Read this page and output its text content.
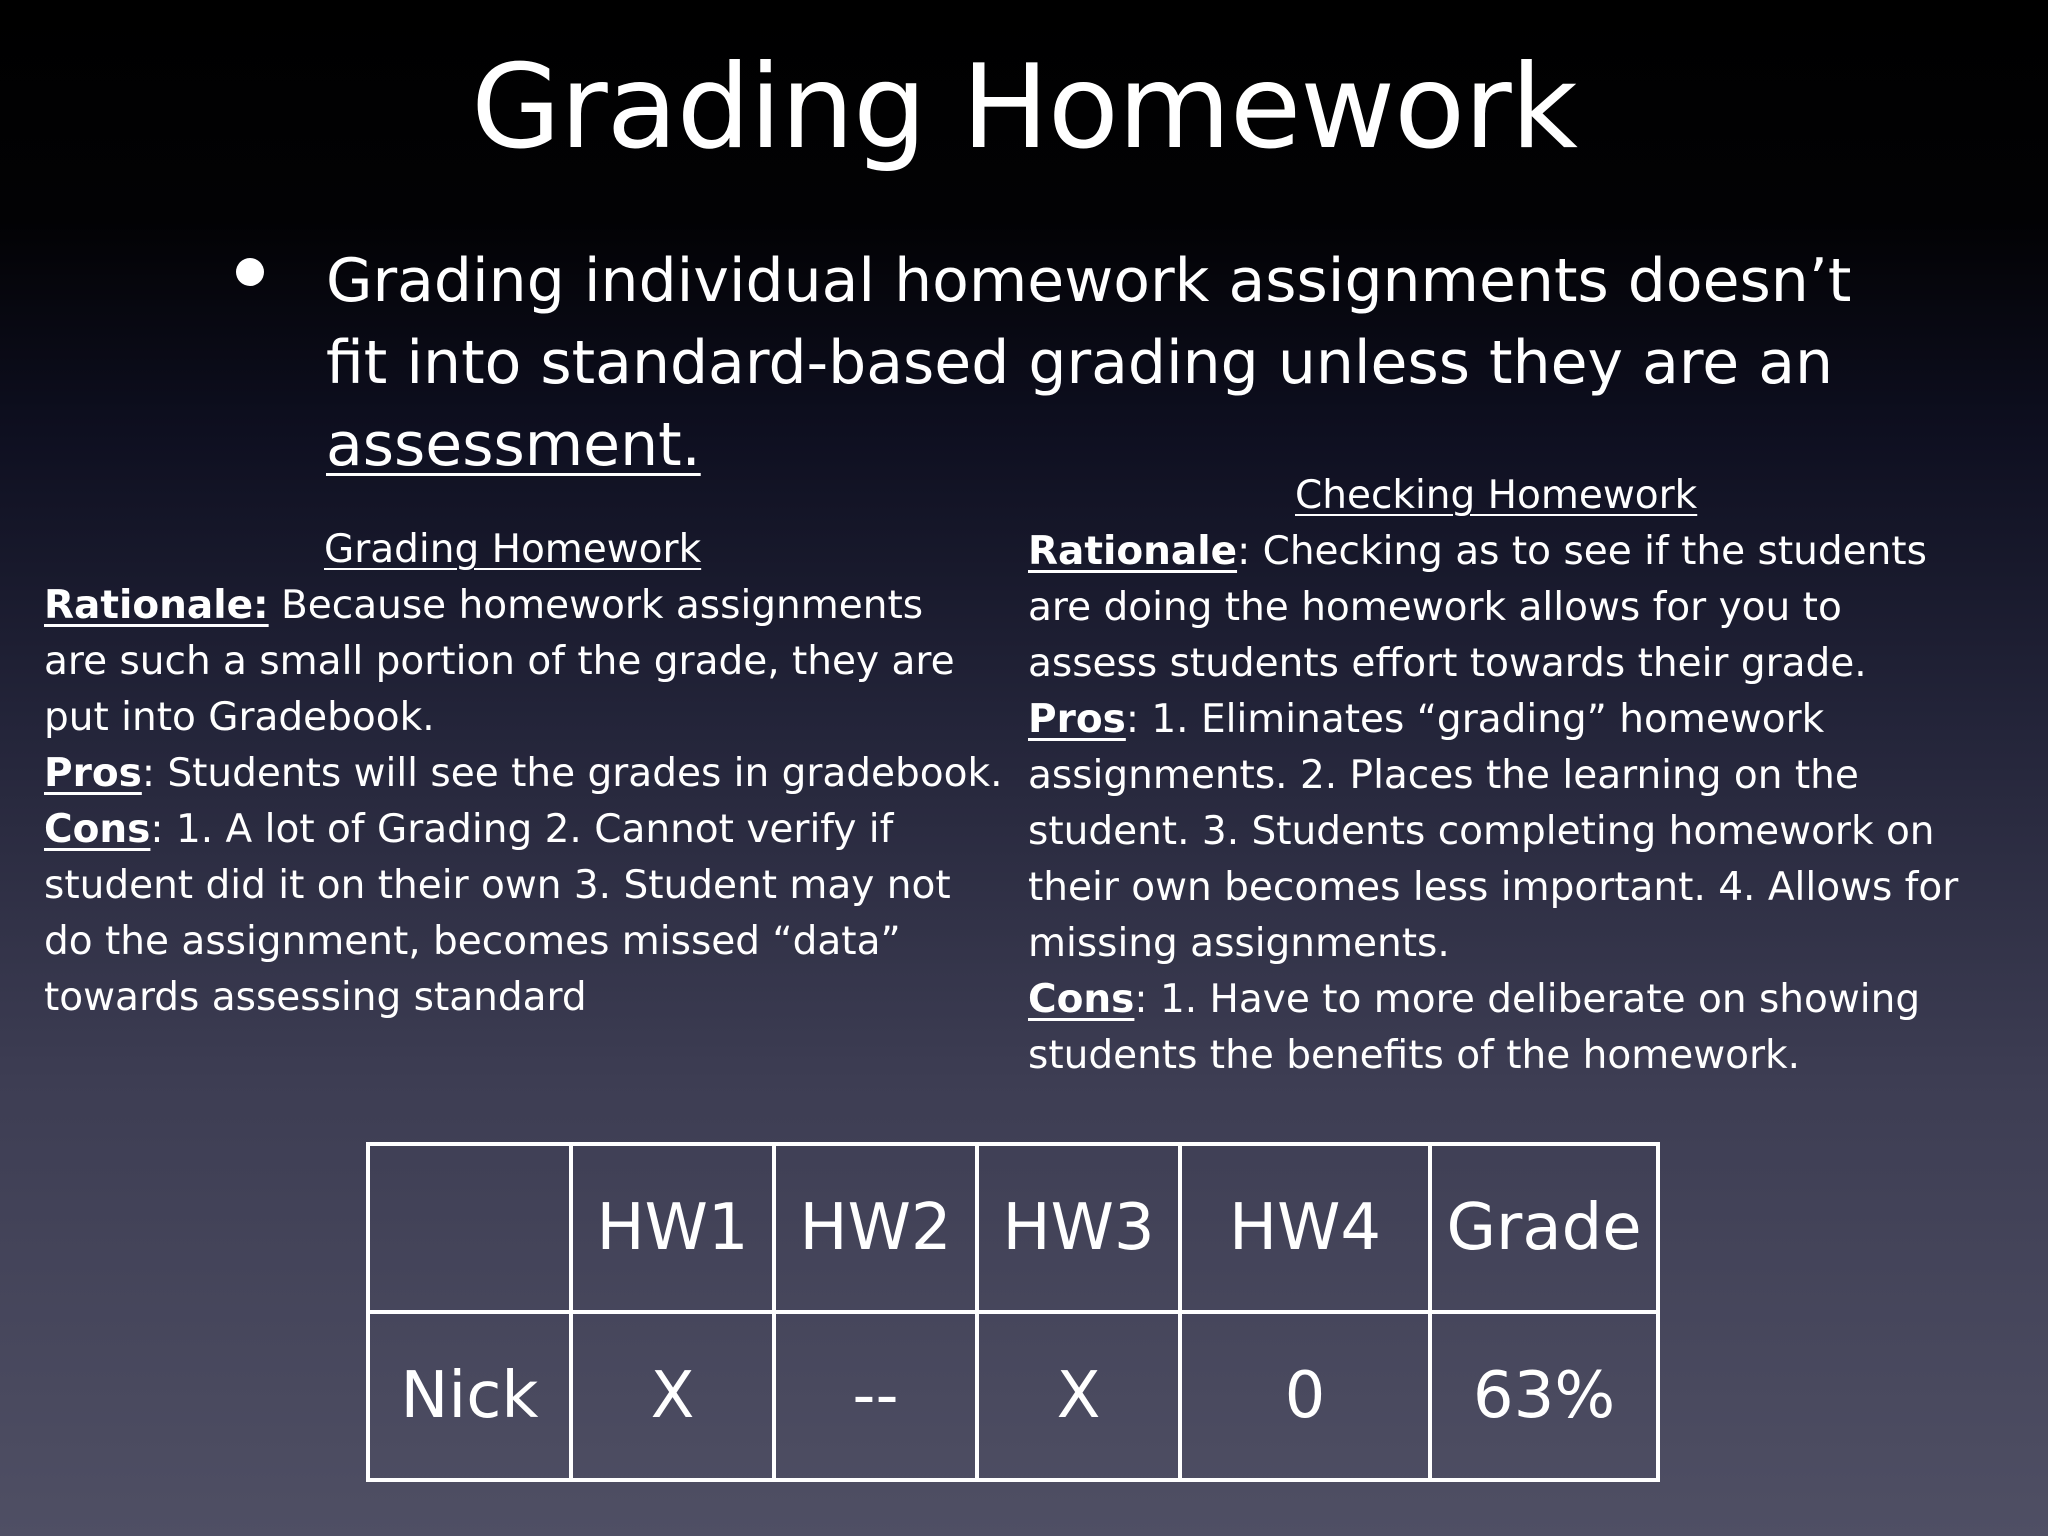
Grading Homework
Grading individual homework assignments doesn’t
fit into standard-based grading unless they are an
assessment.
Grading Homework
Rationale: Because homework assignments
are such a small portion of the grade, they are
put into Gradebook.
Pros: Students will see the grades in gradebook.
Cons: 1. A lot of Grading 2. Cannot verify if
student did it on their own 3. Student may not
do the assignment, becomes missed “data”
towards assessing standard
Checking Homework
Rationale: Checking as to see if the students
are doing the homework allows for you to
assess students effort towards their grade.
Pros: 1. Eliminates “grading” homework
assignments. 2. Places the learning on the
student. 3. Students completing homework on
their own becomes less important. 4. Allows for
missing assignments.
Cons: 1. Have to more deliberate on showing
students the benefits of the homework.
	HW1	HW2	HW3	HW4	Grade
Nick	X	--	X	0	63%
